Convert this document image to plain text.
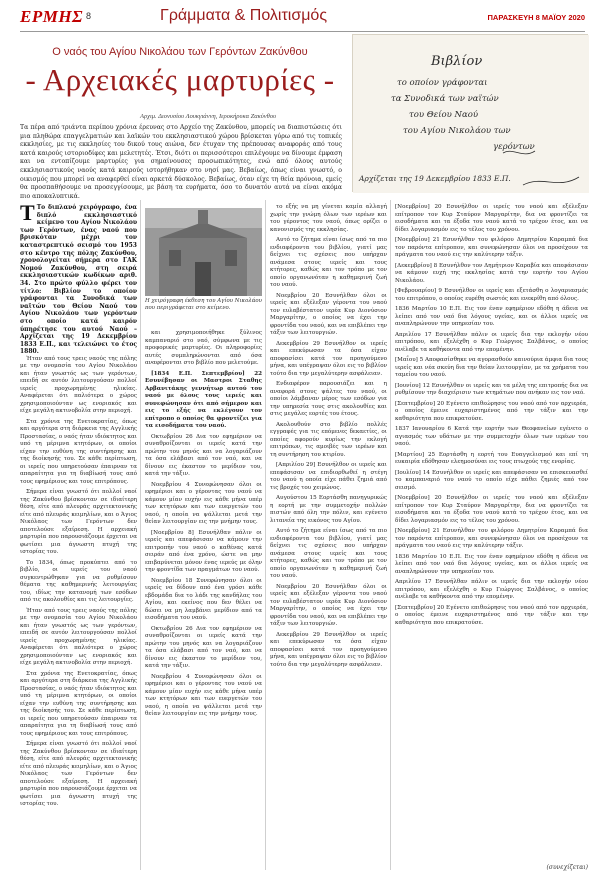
ΕΡΜΗΣ 8	Γράμματα & Πολιτισμός	ΠΑΡΑΣΚΕΥΗ 8 ΜΑΪΟΥ 2020
Ο ναός του Αγίου Νικολάου των Γερόντων Ζακύνθου
- Αρχειακές μαρτυρίες -
Αρχιμ. Διονυσίου Λουκγιάννη, Ιεροκήρυκα Ζακύνθου
Βιβλίον
το οποίον γράφονται
τα Συνοδικά των ναϊτών
του Θείου Ναού
του Αγίου Νικολάου των
γερόντων
Αρχίζεται της 19 Δεκεμβρίου 1833 Ε.Π.
Τα πέρα από τριάντα περίπου χρόνια έρευνας στο Αρχείο της Ζακύνθου, μπορείς να διαπιστώσεις ότι μια πληθώρα επαγγελματιών και λαϊκών του εκκλησιαστικού χώρου βρίσκεται γύρω από τις τοπικές εκκλησίες, με τις εκκλησίες του δικού τους αιώνα, δεν έτυχαν της πρέπουσας αναφοράς από τους κατά καιρούς ιστοριοδίφες και μελετητές. Έτσι, διότι οι περισσότεροι επιλέγουμε να δίνουμε έμφαση και να εντοπίζουμε μαρτυρίες για σημαίνουσες προσωπικότητες, ενώ από όλους αυτούς εκκλησιαστικούς ναούς κατά καιρούς ιστορήθηκαν στο νησί μας. Βεβαίως, όπως είναι γνωστό, ο οικισμός που μπορεί να αναφερθεί είναι αρκετά δύσκολος. Βεβαίως, όταν είχε τη θεία πρόνοια, εμείς θα προσπαθήσουμε να προσεγγίσουμε, με βάση τα ευρήματα, όσο το δυνατόν αυτά να είναι ακόμα πιο αποκαλυπτικά.
Τ Το διπλανό χειρόγραφο, ένα διπλό εκκλησιαστικό κείμενο του Αγίου Νικολάου των Γερόντων, ένας ναού που βρισκόταν μέχρι τον καταστρεπτικό σεισμό του 1953 στο κέντρο της πόλης Ζακύνθου, χρονολογείται σήμερα στο ΓΑΚ Νομού Ζακύνθου, στη σειρά εκκλησιαστικών κωδίκων αριθ. 34. Στο πρώτο φύλλο φέρει τον τίτλο: Βιβλίον το οποίον γράφονται τα Συνοδικά των ναϊτών του Θείου Ναού του Αγίου Νικολάου των γερόντων στο οποίο κατά καιρόν ύπηρέτησε του αυτού Ναού – Αρχίζεται της 19 Δεκεμβρίου 1833 Ε.Π., και τελειώνει το έτος 1880.

Ήταν από τους τρεις ναούς της πόλης με την ονομασία του Αγίου Νικολάου και ήταν γνωστός ως των γερόντων, επειδή σε αυτόν λειτουργούσαν πολλοί ιερείς προχωρημένης ηλικίας. Αναφέρεται ότι παλιότερα ο χώρος χρησιμοποιούνταν ως ενοριακός και είχε μεγάλη ακτινοβολία στην περιοχή.

Στα χρόνια της Ενετοκρατίας, όπως και αργότερα στη διάρκεια της Αγγλικής Προστασίας, ο ναός ήταν ιδιόκτητος και υπό τη μέριμνα κτητόρων, οι οποίοι είχαν την ευθύνη της συντήρησης και της διοίκησής του. Σε κάθε περίπτωση, οι ιερείς που υπηρετούσαν έπαιρναν τα απαραίτητα για τη διαβίωσή τους από τους εφημέριους και τους επιτρόπους.

Σήμερα είναι γνωστό ότι πολλοί ναοί της Ζακύνθου βρίσκονταν σε ιδιαίτερη θέση, είτε από πλευράς αρχιτεκτονικής είτε από πλευράς κειμηλίων, και ο Άγιος Νικόλαος των Γερόντων δεν αποτελούσε εξαίρεση. Η αρχειακή μαρτυρία που παρουσιάζουμε έρχεται να φωτίσει μια άγνωστη πτυχή της ιστορίας του.

Το 1834, όπως προκύπτει από το βιβλίο, οι ιερείς του ναού συγκεντρώθηκαν για να ρυθμίσουν θέματα της καθημερινής λειτουργίας του, ιδίως την κατανομή των εσόδων από τις ακολουθίες και τις λειτουργίες.

Ήταν από τους τρεις ναούς της πόλης με την ονομασία του Αγίου Νικολάου και ήταν γνωστός ως των γερόντων, επειδή σε αυτόν λειτουργούσαν πολλοί ιερείς προχωρημένης ηλικίας. Αναφέρεται ότι παλιότερα ο χώρος χρησιμοποιούνταν ως ενοριακός και είχε μεγάλη ακτινοβολία στην περιοχή.

Στα χρόνια της Ενετοκρατίας, όπως και αργότερα στη διάρκεια της Αγγλικής Προστασίας, ο ναός ήταν ιδιόκτητος και υπό τη μέριμνα κτητόρων, οι οποίοι είχαν την ευθύνη της συντήρησης και της διοίκησής του. Σε κάθε περίπτωση, οι ιερείς που υπηρετούσαν έπαιρναν τα απαραίτητα για τη διαβίωσή τους από τους εφημέριους και τους επιτρόπους.

Σήμερα είναι γνωστό ότι πολλοί ναοί της Ζακύνθου βρίσκονταν σε ιδιαίτερη θέση, είτε από πλευράς αρχιτεκτονικής είτε από πλευράς κειμηλίων, και ο Άγιος Νικόλαος των Γερόντων δεν αποτελούσε εξαίρεση. Η αρχειακή μαρτυρία που παρουσιάζουμε έρχεται να φωτίσει μια άγνωστη πτυχή της ιστορίας του.

Η χειρόγραφη έκθεση του Αγίου Νικολάου που περιγράφεται στο κείμενο.

και χρησιμοποιήθηκε ξύλινος καμπαναριό στο ναό, σύμφωνα με τις προφορικές μαρτυρίες. Οι πληροφορίες αυτές συμπληρώνονται από όσα αναφέρονται στο βιβλίο που μελετούμε.

[1834 Ε.Π. Σεπτεμβρίου] 22 Εσυνέβησαν οι Μαστροι Σταθης Αρβανιτάκης γεννήτωρ αυτού του ναού με όλους τους ιερείς και συνεφώνησαν ότι από σήμερον και εις το εξής να εκλέγουν τον επίτροπο ο οποίος θα φροντίζει για τα εισοδήματα του ναού.

Οκτωβρίου 26 Δια τον εφημέριον να συναθροίζονται οι ιερείς κατά την πρώτην του μηνός και να λογαριάζουν τα όσα ελάβασι από τον ναό, και να δίνουν εις έκαστον το μερίδιον του, κατά την τάξιν.

Νοεμβρίου 4 Συνεφώνησαν όλοι οι εφημέριοι και ο γέροντας του ναού να κάμουν μίαν ευχήν εις κάθε μήνα υπέρ των κτητόρων και των ευεργετών του ναού, η οποία να ψάλλεται μετά την θείαν λειτουργίαν εις την μνήμην τους.

[Νοεμβρίου 8] Εσυνήλθαν πάλιν οι ιερείς και απεφάσισαν να κάμουν την επιτροπήν του ναού ο καθένας κατά σειράν από ένα χρόνο, ώστε να μην επιβαρύνεται μόνον ένας ιερεύς με όλην την φροντίδα των πραγμάτων του ναού.

Νοεμβρίου 18 Συνεφώνησαν όλοι οι ιερείς να δίδουν από ένα γρόσι κάθε εβδομάδα δια το λάδι της κανδήλας του Αγίου, και εκείνος που δεν θέλει να δώσει να μη λαμβάνει μερίδιον από τα εισοδήματα του ναού.

Οκτωβρίου 26 Δια τον εφημέριον να συναθροίζονται οι ιερείς κατά την πρώτην του μηνός και να λογαριάζουν τα όσα ελάβασι από τον ναό, και να δίνουν εις έκαστον το μερίδιον του, κατά την τάξιν.

Νοεμβρίου 4 Συνεφώνησαν όλοι οι εφημέριοι και ο γέροντας του ναού να κάμουν μίαν ευχήν εις κάθε μήνα υπέρ των κτητόρων και των ευεργετών του ναού, η οποία να ψάλλεται μετά την θείαν λειτουργίαν εις την μνήμην τους.

το εξής να μη γίνεται καμία αλλαγή χωρίς την γνώμη όλων των ιερέων και του γέροντος του ναού, όπως ορίζει ο κανονισμός της εκκλησίας.

Αυτό το ζήτημα είναι ίσως από τα πιο ενδιαφέροντα του βιβλίου, γιατί μας δείχνει τις σχέσεις που υπήρχαν ανάμεσα στους ιερείς και τους κτήτορες, καθώς και τον τρόπο με τον οποίο οργανωνόταν η καθημερινή ζωή του ναού.

Νοεμβρίου 20 Εσυνήλθαν όλοι οι ιερείς και εξέλεξαν γέροντα του ναού τον ευλαβέστατον ιερέα Κυρ Διονύσιον Μαργαρίτην, ο οποίος να έχει την φροντίδα του ναού, και να επιβλέπει την τάξιν των λειτουργιών.

Δεκεμβρίου 29 Εσυνήλθον οι ιερείς και επεκύρωσαν τα όσα είχαν αποφασίσει κατά τον προηγούμενο μήνα, και υπέγραψαν όλοι εις το βιβλίον τούτο δια την μεγαλύτερην ασφάλειαν.

Ενδιαφέρον παρουσιάζει και η αναφορά στους ψάλτες του ναού, οι οποίοι λάμβαναν μέρος των εσόδων για την υπηρεσία τους στις ακολουθίες και στις μεγάλες εορτές του έτους.

Ακολουθούν στο βιβλίο πολλές εγγραφές για τις επόμενες δεκαετίες, οι οποίες αφορούν κυρίως την εκλογή επιτρόπων, τις αμοιβές των ιερέων και τη συντήρηση του κτιρίου.

[Απριλίου 29] Εσυνήλθον οι ιερείς και επεφάσισαν να επιδιορθωθεί η στέγη του ναού η οποία είχε πάθει ζημιά από τις βροχές του χειμώνος.

Αυγούστου 15 Εορτάσθη πανηγυρικώς η εορτή με την συμμετοχήν πολλών πιστών από όλη την πόλιν, και εγένετο λιτανεία της εικόνος του Αγίου.

Αυτό το ζήτημα είναι ίσως από τα πιο ενδιαφέροντα του βιβλίου, γιατί μας δείχνει τις σχέσεις που υπήρχαν ανάμεσα στους ιερείς και τους κτήτορες, καθώς και τον τρόπο με τον οποίο οργανωνόταν η καθημερινή ζωή του ναού.

Νοεμβρίου 20 Εσυνήλθαν όλοι οι ιερείς και εξέλεξαν γέροντα του ναού τον ευλαβέστατον ιερέα Κυρ Διονύσιον Μαργαρίτην, ο οποίος να έχει την φροντίδα του ναού, και να επιβλέπει την τάξιν των λειτουργιών.

Δεκεμβρίου 29 Εσυνήλθον οι ιερείς και επεκύρωσαν τα όσα είχαν αποφασίσει κατά τον προηγούμενο μήνα, και υπέγραψαν όλοι εις το βιβλίον τούτο δια την μεγαλύτερην ασφάλειαν.

[Νοεμβρίου] 20 Εσυνήλθον οι ιερείς του ναού και εξέλεξαν επίτροπον τον Κυρ Σταύρον Μαργαρίτην, δια να φροντίζει τα εισοδήματα και τα έξοδα του ναού κατά το τρέχον έτος, και να δίδει λογαριασμόν εις το τέλος του χρόνου.

[Νοεμβρίου] 21 Εσυνήλθαν του φιλόρου Δημητρίου Καραμπά δια τον παρόντα επίτροπον, και συνεφώνησαν όλοι να προσέχουν τα πράγματα του ναού εις την καλύτερην τάξιν.

[Δεκεμβρίου] 8 Εσυνήλθον τον Δημήτριον Καραβία και απεφάσισαν να κάμουν ευχή της εκκλησίας κατά την εορτήν του Αγίου Νικολάου.

[Φεβρουαρίου] 9 Εσυνήλθον οι ιερείς και εξετάσθη ο λογαριασμός του επιτρόπου, ο οποίος ευρέθη σωστός και ενεκρίθη από όλους.

1836 Μαρτίου 10 Ε.Π. Εις τον έναν εφημέριον εδόθη η άδεια να λείπει από τον ναό δια λόγους υγείας, και οι άλλοι ιερείς να αναπληρώνουν την υπηρεσίαν του.

Απριλίου 17 Εσυνήλθαν πάλιν οι ιερείς δια την εκλογήν νέου επιτρόπου, και εξελέχθη ο Κυρ Γεώργιος Σαλβάνος, ο οποίος ανέλαβε τα καθήκοντα από την επομένην.

[Μαΐου] 5 Αποφασίσθηκε να αγορασθούν καινούρια άμφια δια τους ιερείς και νέα σκεύη δια την θείαν λειτουργίαν, με τα χρήματα του ταμείου του ναού.

[Ιουνίου] 12 Εσυνήλθαν οι ιερείς και τα μέλη της επιτροπής δια να ρυθμίσουν την διαχείρισιν των κτημάτων που ανήκαν εις τον ναό.

[Σεπτεμβρίου] 20 Εγένετο επιθεώρησις του ναού από τον αρχιερέα, ο οποίος έμεινε ευχαριστημένος από την τάξιν και την καθαριότητα που επικρατούσε.

1837 Ιανουαρίου 6 Κατά την εορτήν των Θεοφανείων εγένετο ο αγιασμός των υδάτων με την συμμετοχήν όλων των ιερέων του ναού.

[Μαρτίου] 25 Εορτάσθη η εορτή του Ευαγγελισμού και επί τη ευκαιρία εδόθησαν ελεημοσύναι εις τους πτωχούς της ενορίας.

[Ιουλίου] 14 Εσυνήλθον οι ιερείς και απεφάσισαν να επισκευασθεί το καμπαναριό του ναού το οποίο είχε πάθει ζημιές από τον σεισμό.

[Νοεμβρίου] 20 Εσυνήλθον οι ιερείς του ναού και εξέλεξαν επίτροπον τον Κυρ Σταύρον Μαργαρίτην, δια να φροντίζει τα εισοδήματα και τα έξοδα του ναού κατά το τρέχον έτος, και να δίδει λογαριασμόν εις το τέλος του χρόνου.

[Νοεμβρίου] 21 Εσυνήλθαν του φιλόρου Δημητρίου Καραμπά δια τον παρόντα επίτροπον, και συνεφώνησαν όλοι να προσέχουν τα πράγματα του ναού εις την καλύτερην τάξιν.

1836 Μαρτίου 10 Ε.Π. Εις τον έναν εφημέριον εδόθη η άδεια να λείπει από τον ναό δια λόγους υγείας, και οι άλλοι ιερείς να αναπληρώνουν την υπηρεσίαν του.

Απριλίου 17 Εσυνήλθαν πάλιν οι ιερείς δια την εκλογήν νέου επιτρόπου, και εξελέχθη ο Κυρ Γεώργιος Σαλβάνος, ο οποίος ανέλαβε τα καθήκοντα από την επομένην.

[Σεπτεμβρίου] 20 Εγένετο επιθεώρησις του ναού από τον αρχιερέα, ο οποίος έμεινε ευχαριστημένος από την τάξιν και την καθαριότητα που επικρατούσε.

(συνεχίζεται)
